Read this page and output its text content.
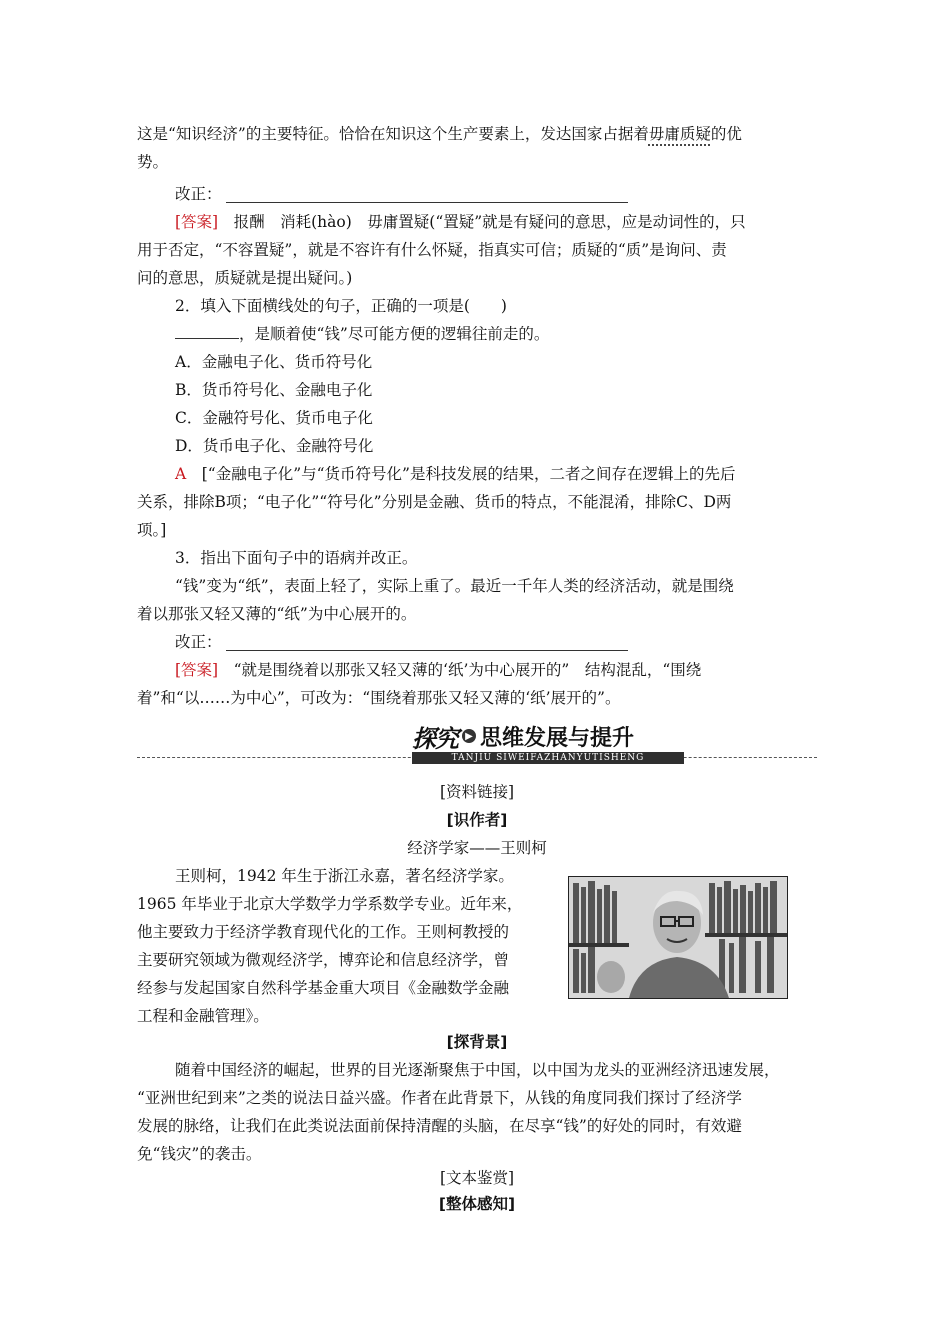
这是“知识经济”的主要特征。恰恰在知识这个生产要素上，发达国家占据着毋庸质疑的优
势。
改正：
[答案]　 报酬　消耗(hào)　毋庸置疑(“置疑”就是有疑问的意思，应是动词性的，只
用于否定，“不容置疑”，就是不容许有什么怀疑，指真实可信；质疑的“质”是询问、责
问的意思，质疑就是提出疑问。)
2．填入下面横线处的句子，正确的一项是(　　)
，是顺着使“钱”尽可能方便的逻辑往前走的。
A．金融电子化、货币符号化
B．货币符号化、金融电子化
C．金融符号化、货币电子化
D．货币电子化、金融符号化
A　 [“金融电子化”与“货币符号化”是科技发展的结果，二者之间存在逻辑上的先后
关系，排除B项；“电子化”“符号化”分别是金融、货币的特点，不能混淆，排除C、D两
项。]
3．指出下面句子中的语病并改正。
“钱”变为“纸”，表面上轻了，实际上重了。最近一千年人类的经济活动，就是围绕
着以那张又轻又薄的“纸”为中心展开的。
改正：
[答案]　 “就是围绕着以那张又轻又薄的‘纸’为中心展开的”　结构混乱，“围绕
着”和“以……为中心”，可改为：“围绕着那张又轻又薄的‘纸’展开的”。
探究 ▶ 思维发展与提升
TANJIU SIWEIFAZHANYUTISHENG
[资料链接]
[识作者]
经济学家——王则柯
王则柯，1942 年生于浙江永嘉，著名经济学家。
1965 年毕业于北京大学数学力学系数学专业。近年来，
他主要致力于经济学教育现代化的工作。王则柯教授的
主要研究领域为微观经济学，博弈论和信息经济学，曾
经参与发起国家自然科学基金重大项目《金融数学金融
工程和金融管理》。
[探背景]
随着中国经济的崛起，世界的目光逐渐聚焦于中国，以中国为龙头的亚洲经济迅速发展，
“亚洲世纪到来”之类的说法日益兴盛。作者在此背景下，从钱的角度同我们探讨了经济学
发展的脉络，让我们在此类说法面前保持清醒的头脑，在尽享“钱”的好处的同时，有效避
免“钱灾”的袭击。
[文本鉴赏]
[整体感知]
